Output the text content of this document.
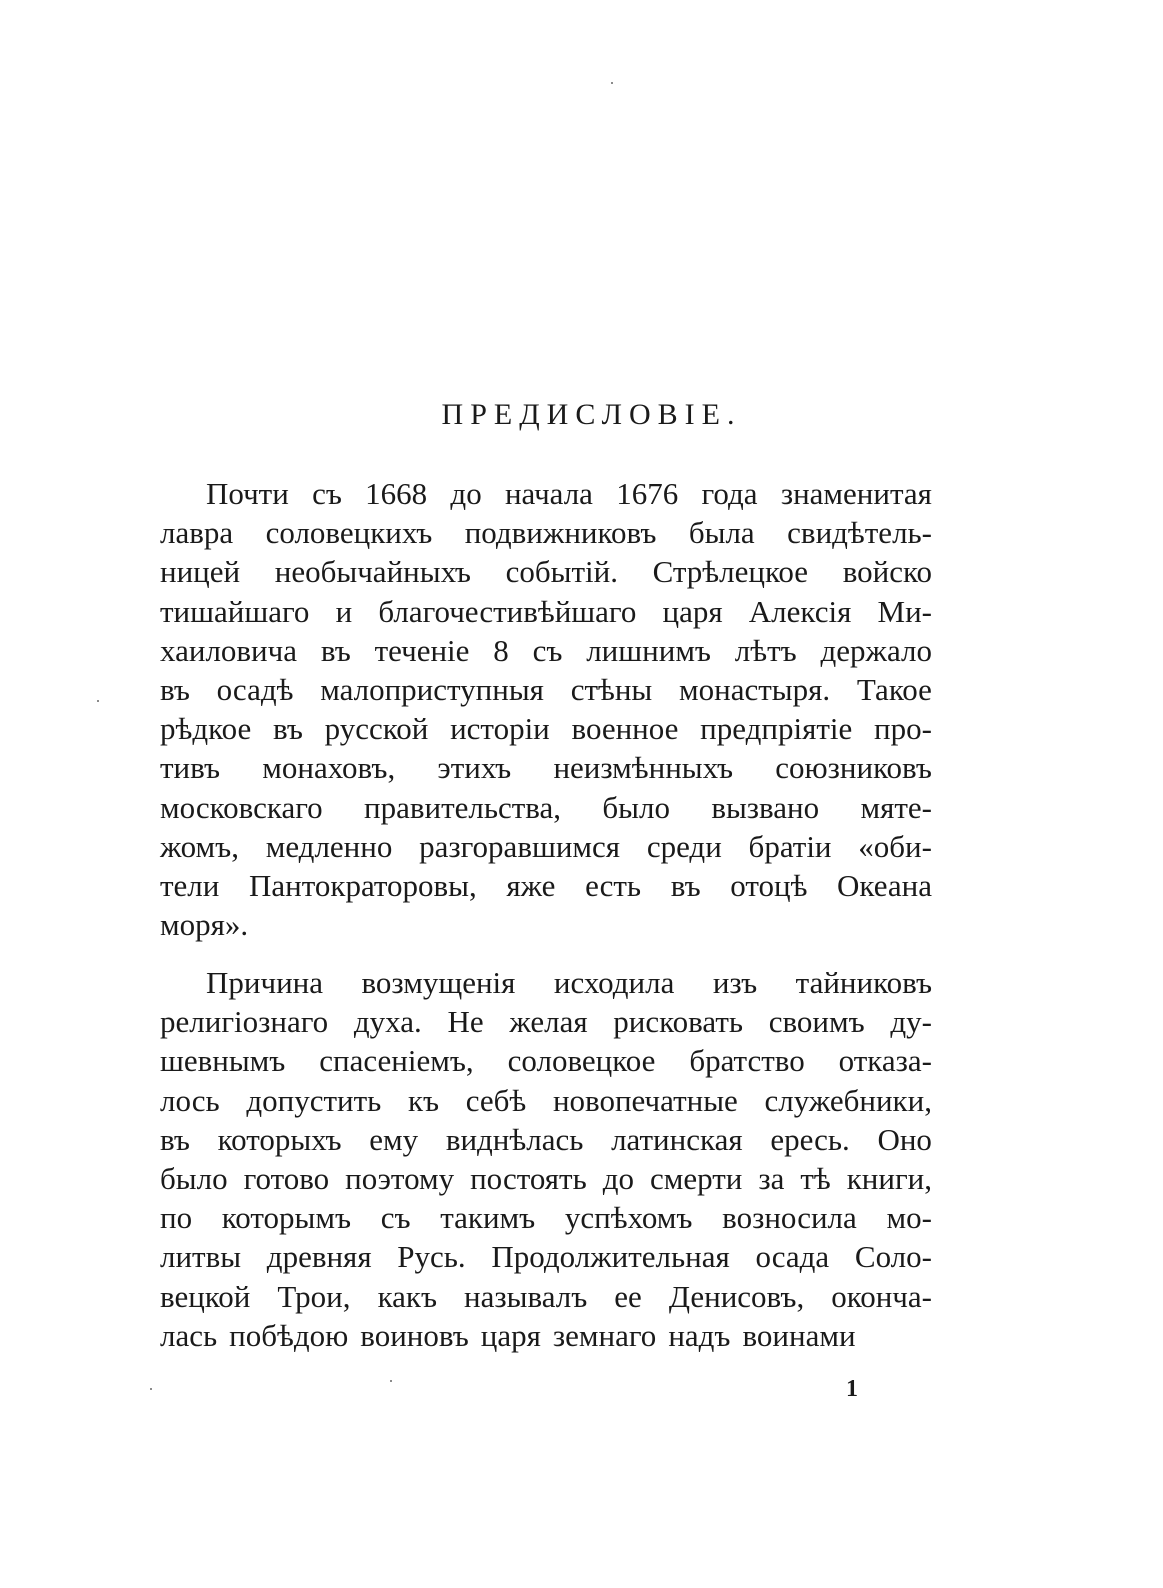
ПРЕДИСЛОВІЕ.
Почти съ 1668 до начала 1676 года знаменитая
лавра соловецкихъ подвижниковъ была свидѣтель-
ницей необычайныхъ событій. Стрѣлецкое войско
тишайшаго и благочестивѣйшаго царя Алексія Ми-
хаиловича въ теченіе 8 съ лишнимъ лѣтъ держало
въ осадѣ малоприступныя стѣны монастыря. Такое
рѣдкое въ русской исторіи военное предпріятіе про-
тивъ монаховъ, этихъ неизмѣнныхъ союзниковъ
московскаго правительства, было вызвано мяте-
жомъ, медленно разгоравшимся среди братіи «оби-
тели Пантократоровы, яже есть въ отоцѣ Океана
моря».
Причина возмущенія исходила изъ тайниковъ
религіознаго духа. Не желая рисковать своимъ ду-
шевнымъ спасеніемъ, соловецкое братство отказа-
лось допустить къ себѣ новопечатные служебники,
въ которыхъ ему виднѣлась латинская ересь. Оно
было готово поэтому постоять до смерти за тѣ книги,
по которымъ съ такимъ успѣхомъ возносила мо-
литвы древняя Русь. Продолжительная осада Соло-
вецкой Трои, какъ называлъ ее Денисовъ, оконча-
лась побѣдою воиновъ царя земнаго надъ воинами
1
